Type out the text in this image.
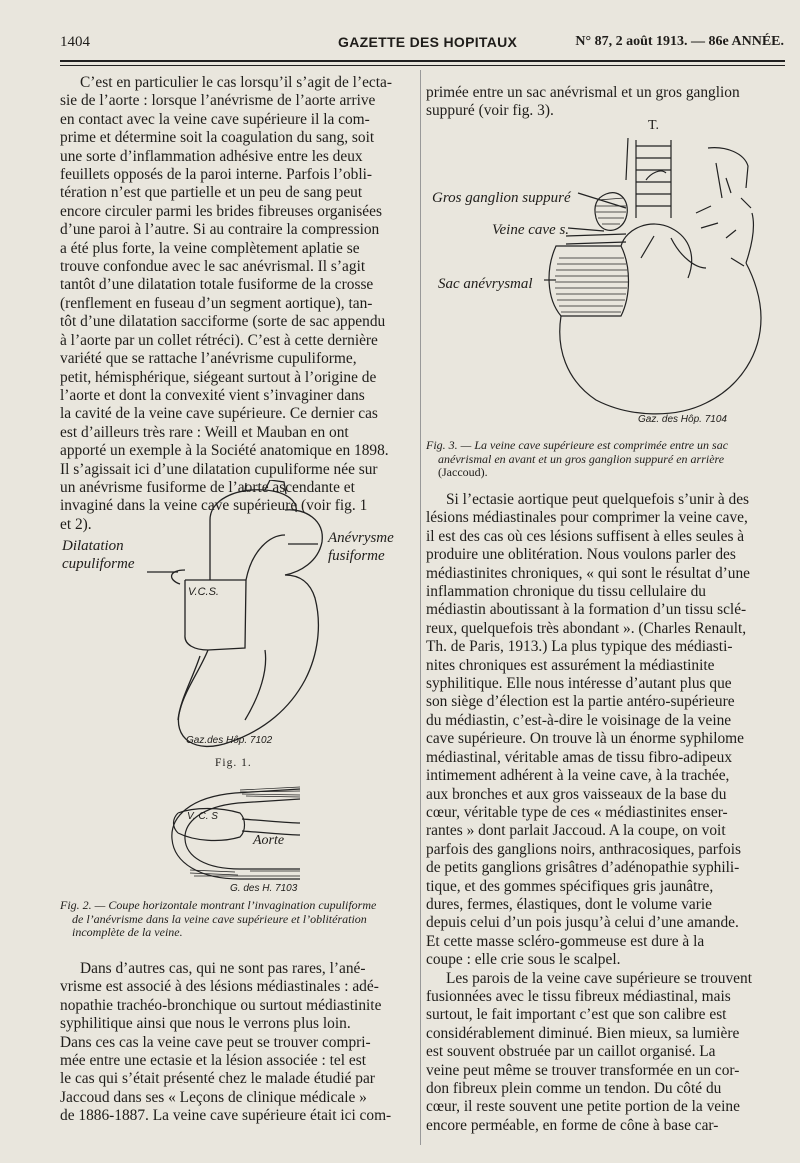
1404	GAZETTE DES HOPITAUX	N° 87, 2 août 1913. — 86e ANNÉE.
C’est en particulier le cas lorsqu’il s’agit de l’ecta-
sie de l’aorte : lorsque l’anévrisme de l’aorte arrive
en contact avec la veine cave supérieure il la com-
prime et détermine soit la coagulation du sang, soit
une sorte d’inflammation adhésive entre les deux
feuillets opposés de la paroi interne. Parfois l’obli-
tération n’est que partielle et un peu de sang peut
encore circuler parmi les brides fibreuses organisées
d’une paroi à l’autre. Si au contraire la compression
a été plus forte, la veine complètement aplatie se
trouve confondue avec le sac anévrismal. Il s’agit
tantôt d’une dilatation totale fusiforme de la crosse
(renflement en fuseau d’un segment aortique), tan-
tôt d’une dilatation sacciforme (sorte de sac appendu
à l’aorte par un collet rétréci). C’est à cette dernière
variété que se rattache l’anévrisme cupuliforme,
petit, hémisphérique, siégeant surtout à l’origine de
l’aorte et dont la convexité vient s’invaginer dans
la cavité de la veine cave supérieure. Ce dernier cas
est d’ailleurs très rare : Weill et Mauban en ont
apporté un exemple à la Société anatomique en 1898.
Il s’agissait ici d’une dilatation cupuliforme née sur
un anévrisme fusiforme de l’aorte ascendante et
invaginé dans la veine cave supérieure (voir fig. 1
et 2).
Dilatation
cupuliforme
Anévrysme
fusiforme
V.C.S.
Gaz.des Hôp. 7102
Fig. 1.
V. C. S
Aorte
G. des H. 7103
Fig. 2. — Coupe horizontale montrant l’invagination cupuliforme
de l’anévrisme dans la veine cave supérieure et l’oblitération
incomplète de la veine.
Dans d’autres cas, qui ne sont pas rares, l’ané-
vrisme est associé à des lésions médiastinales : adé-
nopathie trachéo-bronchique ou surtout médiastinite
syphilitique ainsi que nous le verrons plus loin.
Dans ces cas la veine cave peut se trouver compri-
mée entre une ectasie et la lésion associée : tel est
le cas qui s’était présenté chez le malade étudié par
Jaccoud dans ses « Leçons de clinique médicale »
de 1886-1887. La veine cave supérieure était ici com-
primée entre un sac anévrismal et un gros ganglion
suppuré (voir fig. 3).
T.
Gros ganglion suppuré
Veine cave s.
Sac anévrysmal
Gaz. des Hôp. 7104
Fig. 3. — La veine cave supérieure est comprimée entre un sac
anévrismal en avant et un gros ganglion suppuré en arrière
(Jaccoud).
Si l’ectasie aortique peut quelquefois s’unir à des
lésions médiastinales pour comprimer la veine cave,
il est des cas où ces lésions suffisent à elles seules à
produire une oblitération. Nous voulons parler des
médiastinites chroniques, « qui sont le résultat d’une
inflammation chronique du tissu cellulaire du
médiastin aboutissant à la formation d’un tissu sclé-
reux, quelquefois très abondant ». (Charles Renault,
Th. de Paris, 1913.) La plus typique des médiasti-
nites chroniques est assurément la médiastinite
syphilitique. Elle nous intéresse d’autant plus que
son siège d’élection est la partie antéro-supérieure
du médiastin, c’est-à-dire le voisinage de la veine
cave supérieure. On trouve là un énorme syphilome
médiastinal, véritable amas de tissu fibro-adipeux
intimement adhérent à la veine cave, à la trachée,
aux bronches et aux gros vaisseaux de la base du
cœur, véritable type de ces « médiastinites enser-
rantes » dont parlait Jaccoud. A la coupe, on voit
parfois des ganglions noirs, anthracosiques, parfois
de petits ganglions grisâtres d’adénopathie syphili-
tique, et des gommes spécifiques gris jaunâtre,
dures, fermes, élastiques, dont le volume varie
depuis celui d’un pois jusqu’à celui d’une amande.
Et cette masse scléro-gommeuse est dure à la
coupe : elle crie sous le scalpel.
Les parois de la veine cave supérieure se trouvent
fusionnées avec le tissu fibreux médiastinal, mais
surtout, le fait important c’est que son calibre est
considérablement diminué. Bien mieux, sa lumière
est souvent obstruée par un caillot organisé. La
veine peut même se trouver transformée en un cor-
don fibreux plein comme un tendon. Du côté du
cœur, il reste souvent une petite portion de la veine
encore perméable, en forme de cône à base car-
